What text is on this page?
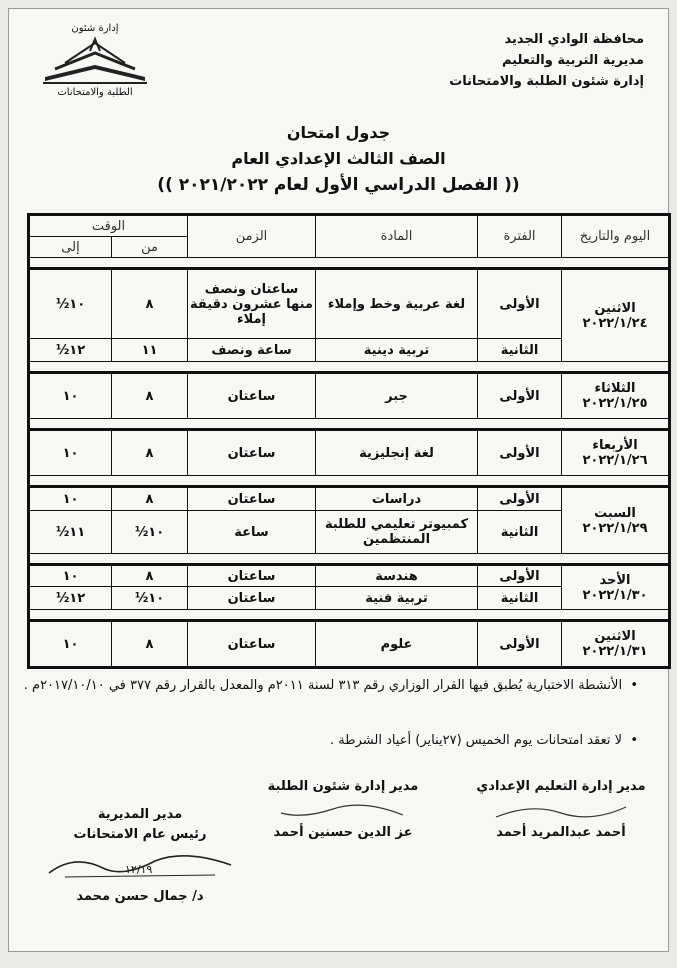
محافظة الوادي الجديد
مديرية التربية والتعليم
إدارة شئون الطلبة والامتحانات
إدارة شئون
الطلبة والامتحانات
جدول امتحان
الصف الثالث الإعدادي العام
(( الفصل الدراسي الأول لعام ٢٠٢١/٢٠٢٢ ))
اليوم والتاريخ	الفترة	المادة	الزمن	الوقت	
				من	إلى

الاثنين
٢٠٢٢/١/٢٤	الأولى	لغة عربية وخط وإملاء	ساعتان ونصف منها عشرون دقيقة إملاء	٨	١٠½
	الثانية	تربية دينية	ساعة ونصف	١١	١٢½

الثلاثاء
٢٠٢٢/١/٢٥	الأولى	جبر	ساعتان	٨	١٠

الأربعاء
٢٠٢٢/١/٢٦	الأولى	لغة إنجليزية	ساعتان	٨	١٠

السبت
٢٠٢٢/١/٢٩	الأولى	دراسات	ساعتان	٨	١٠
	الثانية	كمبيوتر تعليمي للطلبة المنتظمين	ساعة	١٠½	١١½

الأحد
٢٠٢٢/١/٣٠	الأولى	هندسة	ساعتان	٨	١٠
	الثانية	تربية فنية	ساعتان	١٠½	١٢½

الاثنين
٢٠٢٢/١/٣١	الأولى	علوم	ساعتان	٨	١٠
•  الأنشطة الاختبارية يُطبق فيها القرار الوزاري رقم ٣١٣ لسنة ٢٠١١م والمعدل بالقرار رقم ٣٧٧ في ٢٠١٧/١٠/١٠م .
•  لا تعقد امتحانات يوم الخميس (٢٧يناير) أعياد الشرطة .
مدير إدارة التعليم الإعدادي
أحمد عبدالمريد أحمد
مدير إدارة شئون الطلبة
عز الدين حسنين أحمد
مدير المديرية
رئيس عام الامتحانات
١٢/١٩
د/ جمال حسن محمد
